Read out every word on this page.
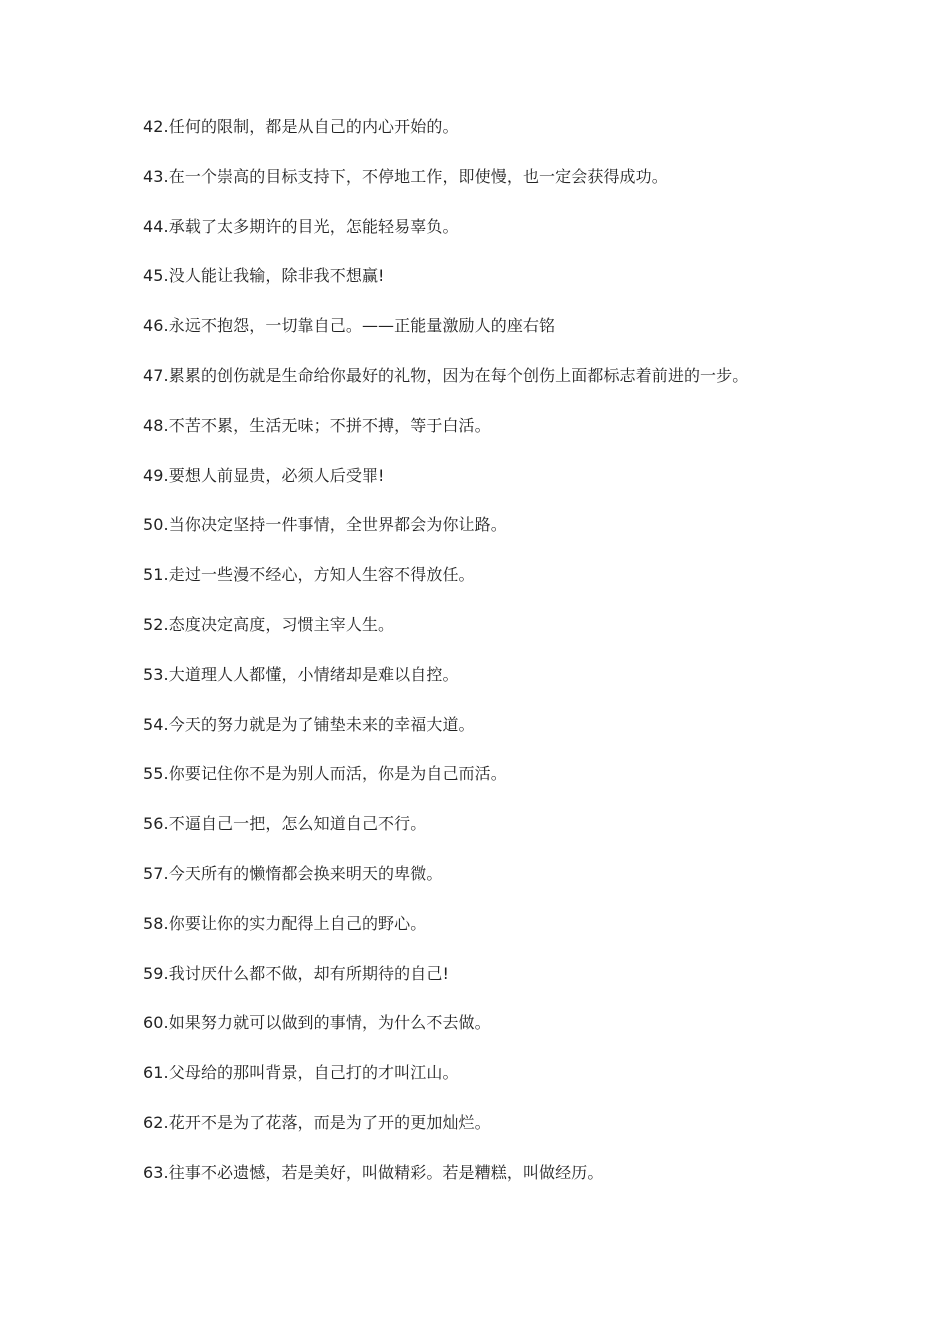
42.任何的限制，都是从自己的内心开始的。
43.在一个崇高的目标支持下，不停地工作，即使慢，也一定会获得成功。
44.承载了太多期许的目光，怎能轻易辜负。
45.没人能让我输，除非我不想赢!
46.永远不抱怨，一切靠自己。——正能量激励人的座右铭
47.累累的创伤就是生命给你最好的礼物，因为在每个创伤上面都标志着前进的一步。
48.不苦不累，生活无味；不拼不搏，等于白活。
49.要想人前显贵，必须人后受罪!
50.当你决定坚持一件事情，全世界都会为你让路。
51.走过一些漫不经心，方知人生容不得放任。
52.态度决定高度，习惯主宰人生。
53.大道理人人都懂，小情绪却是难以自控。
54.今天的努力就是为了铺垫未来的幸福大道。
55.你要记住你不是为别人而活，你是为自己而活。
56.不逼自己一把，怎么知道自己不行。
57.今天所有的懒惰都会换来明天的卑微。
58.你要让你的实力配得上自己的野心。
59.我讨厌什么都不做，却有所期待的自己!
60.如果努力就可以做到的事情，为什么不去做。
61.父母给的那叫背景，自己打的才叫江山。
62.花开不是为了花落，而是为了开的更加灿烂。
63.往事不必遗憾，若是美好，叫做精彩。若是糟糕，叫做经历。
